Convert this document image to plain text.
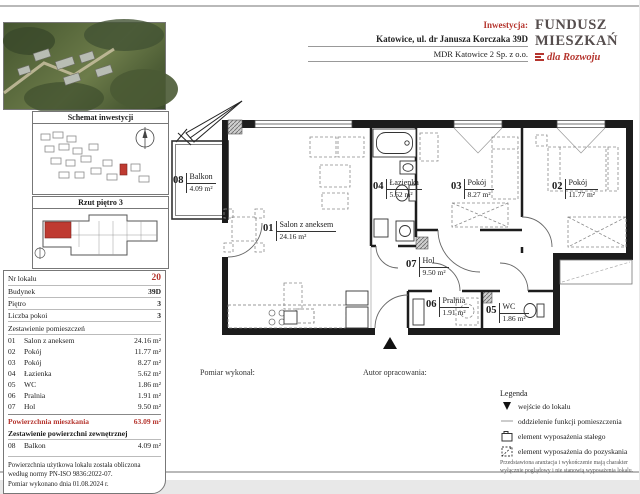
Inwestycja:
Katowice, ul. dr Janusza Korczaka 39D
MDR Katowice 2 Sp. z o.o.
FUNDUSZ
MIESZKAŃ
dla Rozwoju
Schemat inwestycji
Rzut piętro 3
Nr lokalu	20
Budynek	39D
Piętro	3
Liczba pokoi	3
Zestawienie pomieszczeń
01	Salon z aneksem	24.16 m²
02	Pokój	11.77 m²
03	Pokój	8.27 m²
04	Łazienka	5.62 m²
05	WC	1.86 m²
06	Pralnia	1.91 m²
07	Hol	9.50 m²
Powierzchnia mieszkania	63.09 m²
Zestawienie powierzchni zewnętrznej
08	Balkon	4.09 m²
Powierzchnia użytkowa lokalu została obliczona
według normy PN-ISO 9836:2022-07.
Pomiar wykonano dnia 01.08.2024 r.
08 Balkon
4.09 m²
01 Salon z aneksem
24.16 m²
04 Łazienka
5.62 m²
03 Pokój
8.27 m²
02 Pokój
11.77 m²
07 Hol
9.50 m²
06 Pralnia
1.91 m² 05 WC
1.86 m²
Pomiar wykonał:	Autor opracowania:
Legenda
wejście do lokalu
oddzielenie funkcji pomieszczenia
element wyposażenia stałego
element wyposażenia do pozyskania
Przedstawiona aranżacja i wykończenie mają charakter wyłącznie poglądowy i nie stanowią wyposażenia lokalu.
